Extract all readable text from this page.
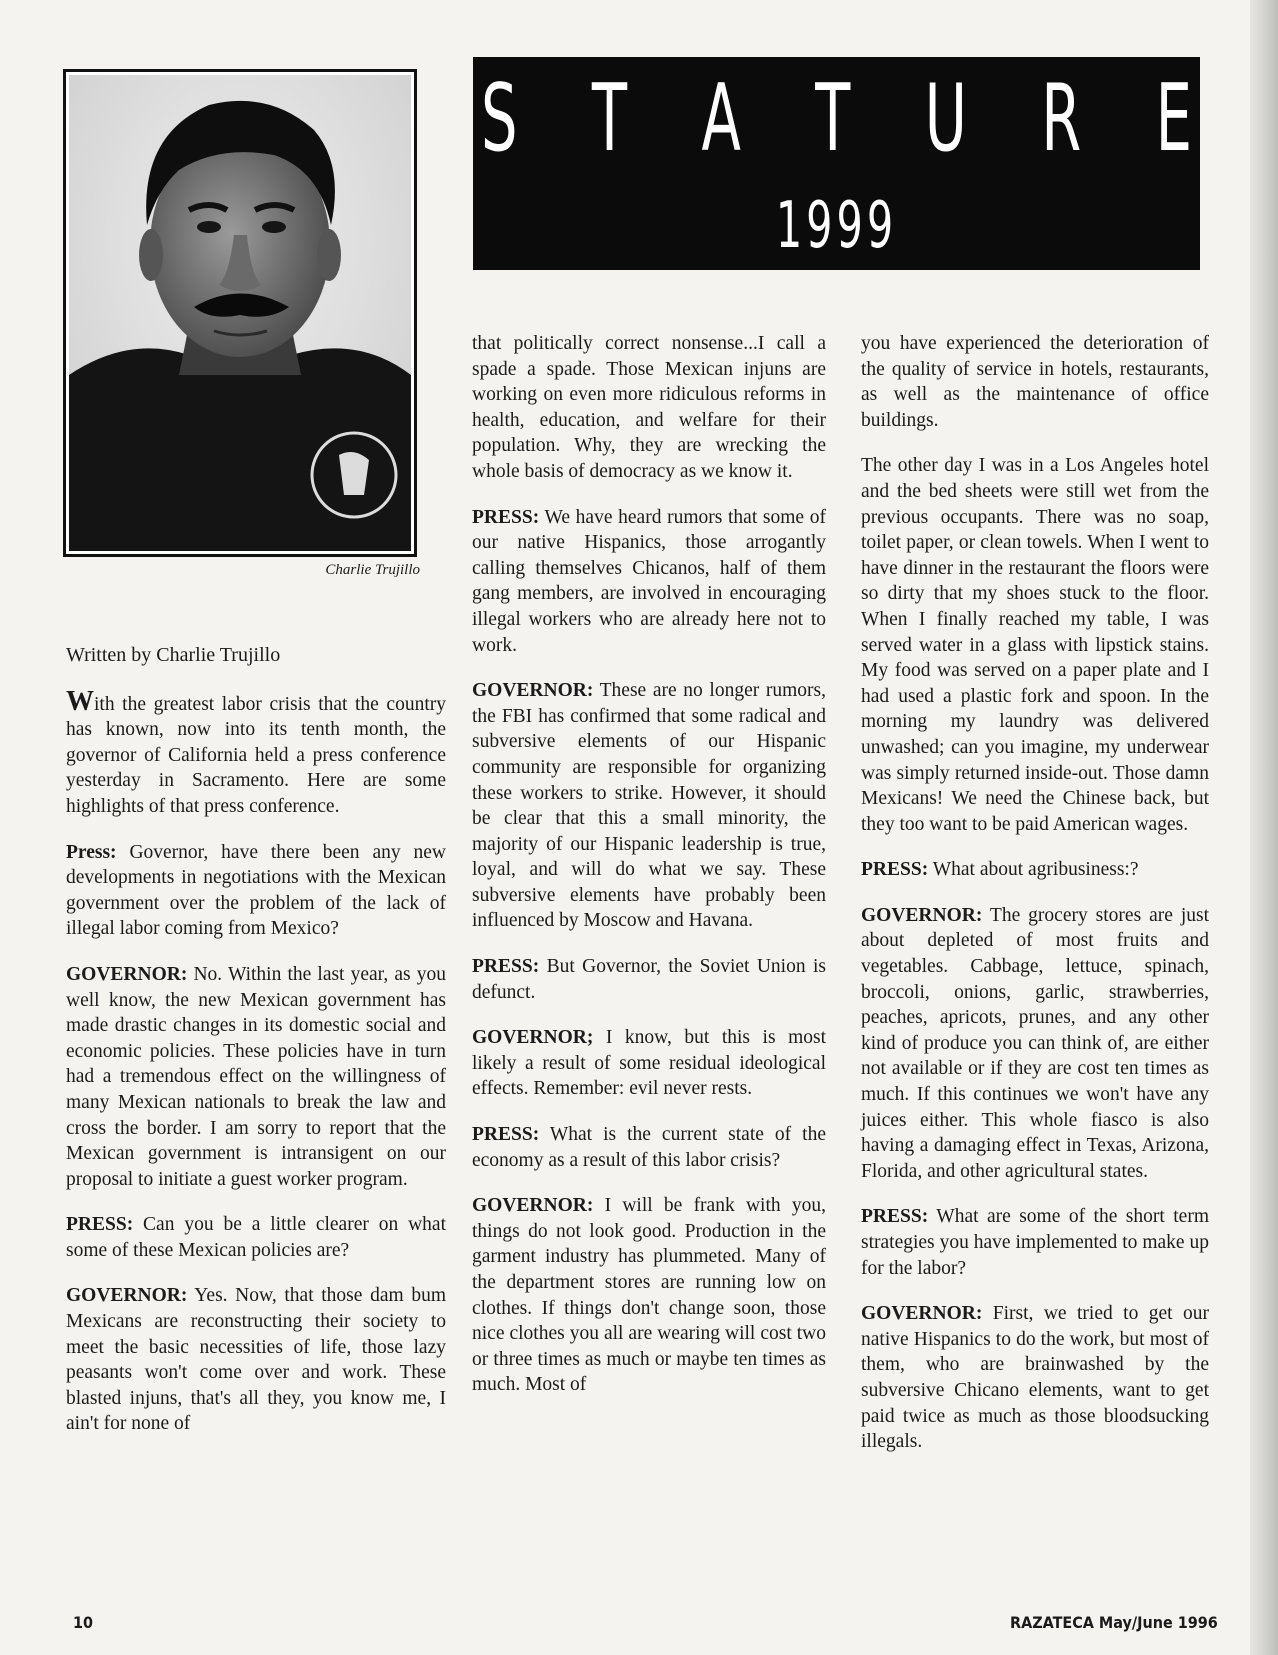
Charlie Trujillo
S T A T U R E
1999

Written by Charlie Trujillo

With the greatest labor crisis that the country has known, now into its tenth month, the governor of California held a press conference yesterday in Sacramento. Here are some highlights of that press conference.

Press: Governor, have there been any new developments in negotiations with the Mexican government over the problem of the lack of illegal labor coming from Mexico?

GOVERNOR: No. Within the last year, as you well know, the new Mexican government has made drastic changes in its domestic social and economic policies. These policies have in turn had a tremendous effect on the willingness of many Mexican nationals to break the law and cross the border. I am sorry to report that the Mexican government is intransigent on our proposal to initiate a guest worker program.

PRESS: Can you be a little clearer on what some of these Mexican policies are?

GOVERNOR: Yes. Now, that those dam bum Mexicans are reconstructing their society to meet the basic necessities of life, those lazy peasants won't come over and work. These blasted injuns, that's all they, you know me, I ain't for none of

that politically correct nonsense...I call a spade a spade. Those Mexican injuns are working on even more ridiculous reforms in health, education, and welfare for their population. Why, they are wrecking the whole basis of democracy as we know it.

PRESS: We have heard rumors that some of our native Hispanics, those arrogantly calling themselves Chicanos, half of them gang members, are involved in encouraging illegal workers who are already here not to work.

GOVERNOR: These are no longer rumors, the FBI has confirmed that some radical and subversive elements of our Hispanic community are responsible for organizing these workers to strike. However, it should be clear that this a small minority, the majority of our Hispanic leadership is true, loyal, and will do what we say. These subversive elements have probably been influenced by Moscow and Havana.

PRESS: But Governor, the Soviet Union is defunct.

GOVERNOR; I know, but this is most likely a result of some residual ideological effects. Remember: evil never rests.

PRESS: What is the current state of the economy as a result of this labor crisis?

GOVERNOR: I will be frank with you, things do not look good. Production in the garment industry has plummeted. Many of the department stores are running low on clothes. If things don't change soon, those nice clothes you all are wearing will cost two or three times as much or maybe ten times as much. Most of

you have experienced the deterioration of the quality of service in hotels, restaurants, as well as the maintenance of office buildings.

The other day I was in a Los Angeles hotel and the bed sheets were still wet from the previous occupants. There was no soap, toilet paper, or clean towels. When I went to have dinner in the restaurant the floors were so dirty that my shoes stuck to the floor. When I finally reached my table, I was served water in a glass with lipstick stains. My food was served on a paper plate and I had used a plastic fork and spoon. In the morning my laundry was delivered unwashed; can you imagine, my underwear was simply returned inside-out. Those damn Mexicans! We need the Chinese back, but they too want to be paid American wages.

PRESS: What about agribusiness:?

GOVERNOR: The grocery stores are just about depleted of most fruits and vegetables. Cabbage, lettuce, spinach, broccoli, onions, garlic, strawberries, peaches, apricots, prunes, and any other kind of produce you can think of, are either not available or if they are cost ten times as much. If this continues we won't have any juices either. This whole fiasco is also having a damaging effect in Texas, Arizona, Florida, and other agricultural states.

PRESS: What are some of the short term strategies you have implemented to make up for the labor?

GOVERNOR: First, we tried to get our native Hispanics to do the work, but most of them, who are brainwashed by the subversive Chicano elements, want to get paid twice as much as those bloodsucking illegals.

10	RAZATECA May/June 1996
